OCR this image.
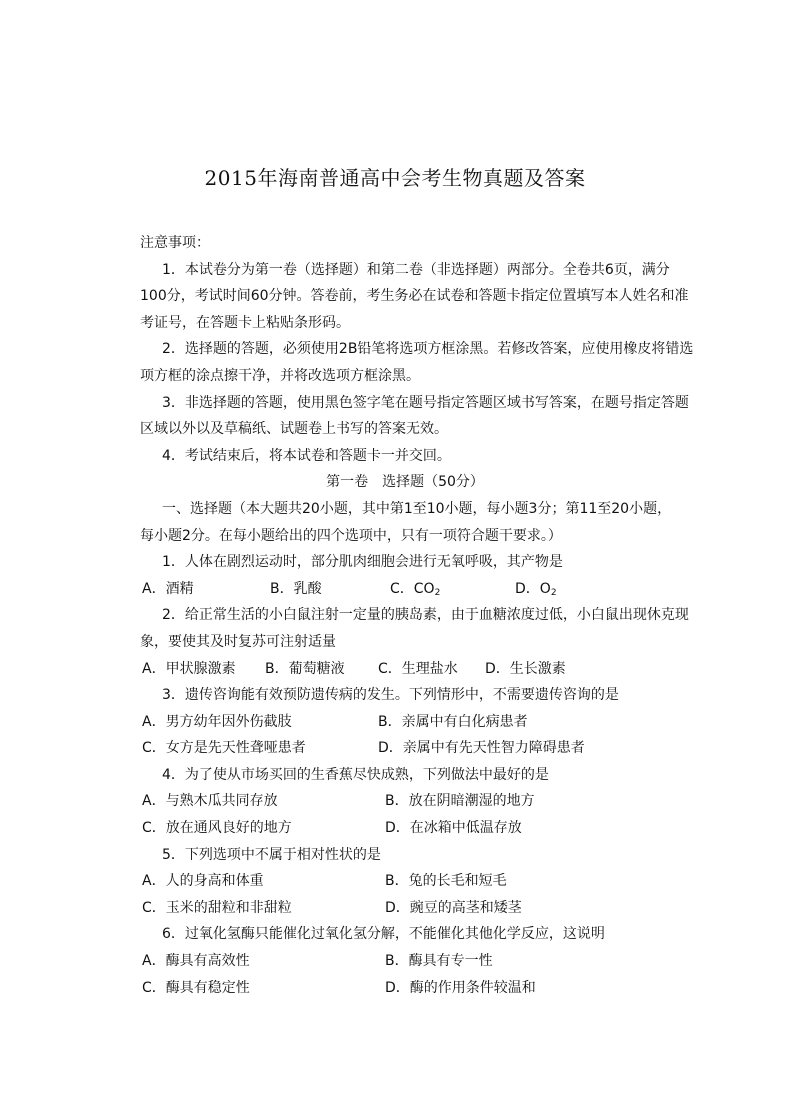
2015年海南普通高中会考生物真题及答案
注意事项：
1．本试卷分为第一卷（选择题）和第二卷（非选择题）两部分。全卷共6页，满分
100分，考试时间60分钟。答卷前，考生务必在试卷和答题卡指定位置填写本人姓名和准
考证号，在答题卡上粘贴条形码。
2．选择题的答题，必须使用2B铅笔将选项方框涂黑。若修改答案，应使用橡皮将错选
项方框的涂点擦干净，并将改选项方框涂黑。
3．非选择题的答题，使用黑色签字笔在题号指定答题区域书写答案，在题号指定答题
区域以外以及草稿纸、试题卷上书写的答案无效。
4．考试结束后，将本试卷和答题卡一并交回。
第一卷　选择题（50分）
一、选择题（本大题共20小题，其中第1至10小题，每小题3分；第11至20小题，
每小题2分。在每小题给出的四个选项中，只有一项符合题干要求。）
1．人体在剧烈运动时，部分肌肉细胞会进行无氧呼吸，其产物是
A．酒精	B．乳酸	C．$CO_2$	D．$O_2$
2．给正常生活的小白鼠注射一定量的胰岛素，由于血糖浓度过低，小白鼠出现休克现
象，要使其及时复苏可注射适量
A．甲状腺激素 B．葡萄糖液 C．生理盐水 D．生长激素
3．遗传咨询能有效预防遗传病的发生。下列情形中，不需要遗传咨询的是
A．男方幼年因外伤截肢	B．亲属中有白化病患者
C．女方是先天性聋哑患者	D．亲属中有先天性智力障碍患者
4．为了使从市场买回的生香蕉尽快成熟，下列做法中最好的是
A．与熟木瓜共同存放	B．放在阴暗潮湿的地方
C．放在通风良好的地方	D．在冰箱中低温存放
5．下列选项中不属于相对性状的是
A．人的身高和体重	B．兔的长毛和短毛
C．玉米的甜粒和非甜粒	D．豌豆的高茎和矮茎
6．过氧化氢酶只能催化过氧化氢分解，不能催化其他化学反应，这说明
A．酶具有高效性	B．酶具有专一性
C．酶具有稳定性	D．酶的作用条件较温和
